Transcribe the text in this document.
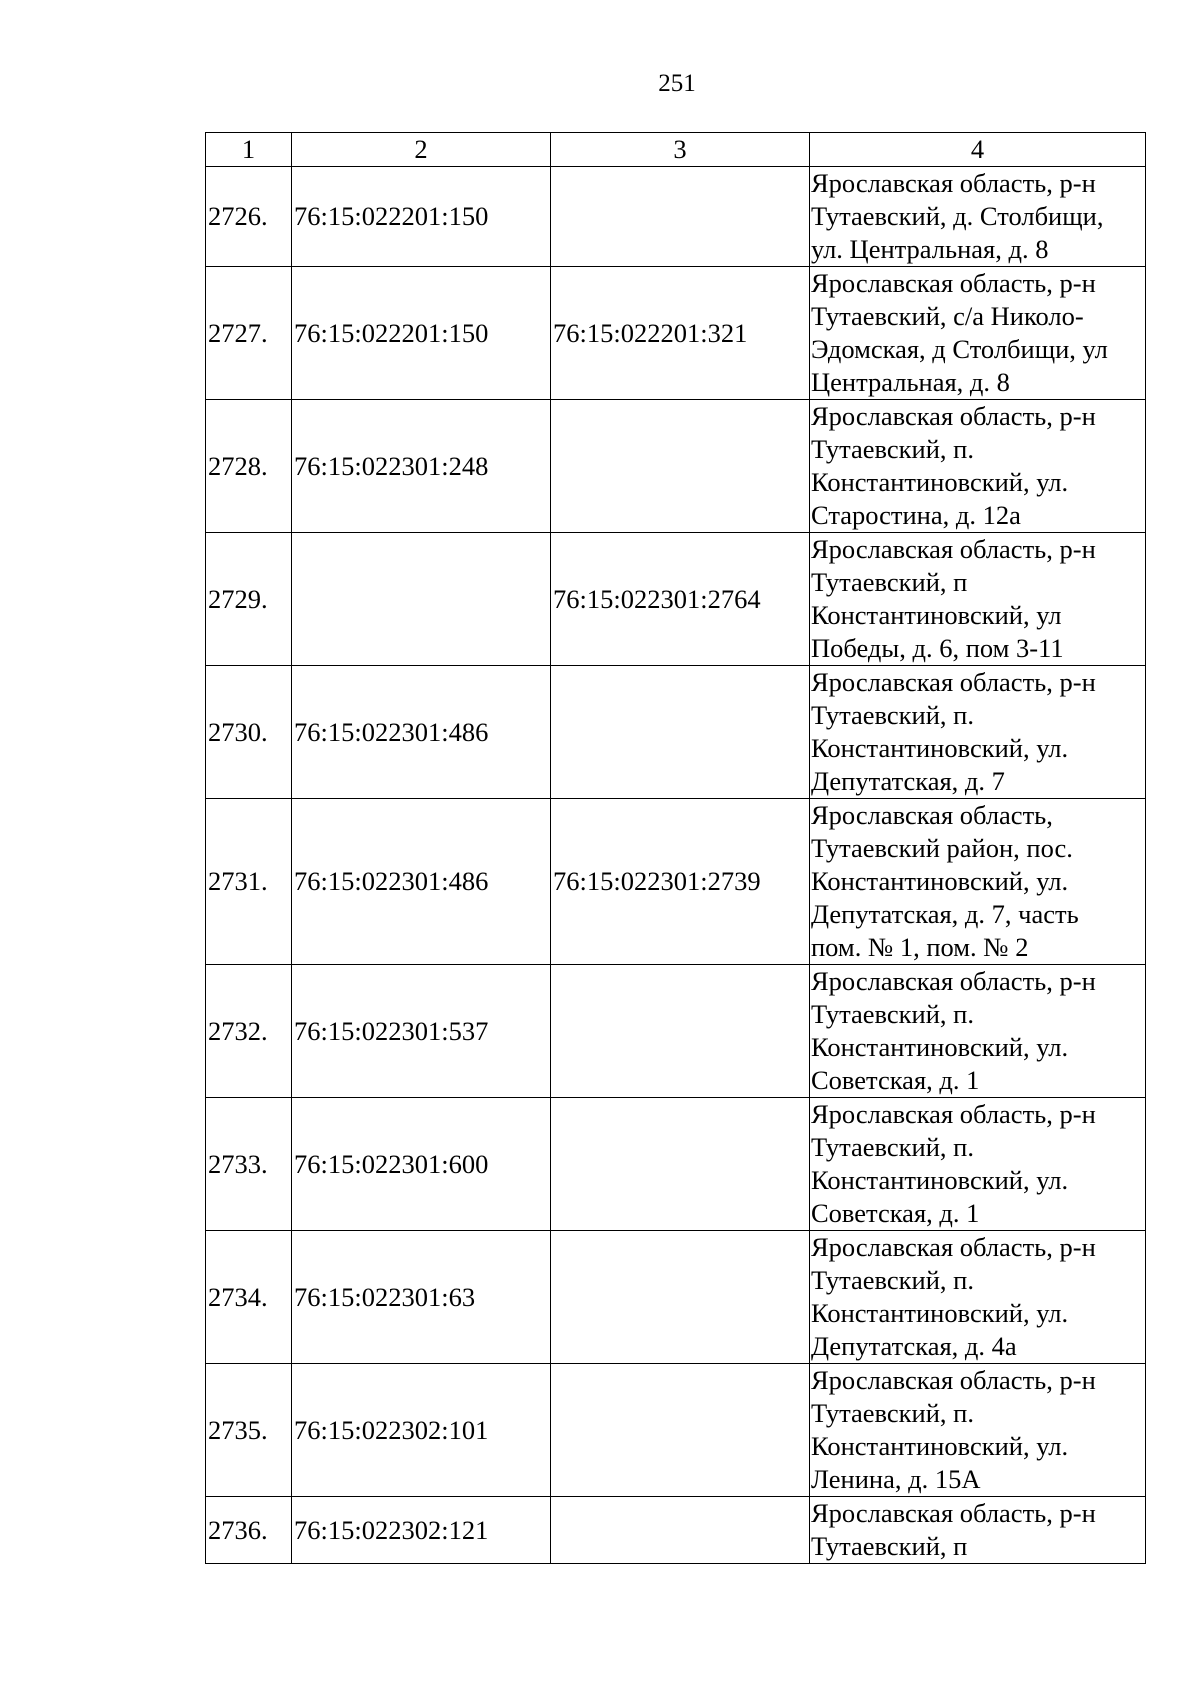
251
1	2	3	4
2726.	76:15:022201:150		Ярославская область, р-н
Тутаевский, д. Столбищи,
ул. Центральная, д. 8
2727.	76:15:022201:150	76:15:022201:321	Ярославская область, р-н
Тутаевский, с/а Николо-
Эдомская, д Столбищи, ул
Центральная, д. 8
2728.	76:15:022301:248		Ярославская область, р-н
Тутаевский, п.
Константиновский, ул.
Старостина, д. 12а
2729.		76:15:022301:2764	Ярославская область, р-н
Тутаевский, п
Константиновский, ул
Победы, д. 6, пом 3-11
2730.	76:15:022301:486		Ярославская область, р-н
Тутаевский, п.
Константиновский, ул.
Депутатская, д. 7
2731.	76:15:022301:486	76:15:022301:2739	Ярославская область,
Тутаевский район, пос.
Константиновский, ул.
Депутатская, д. 7, часть
пом. № 1, пом. № 2
2732.	76:15:022301:537		Ярославская область, р-н
Тутаевский, п.
Константиновский, ул.
Советская, д. 1
2733.	76:15:022301:600		Ярославская область, р-н
Тутаевский, п.
Константиновский, ул.
Советская, д. 1
2734.	76:15:022301:63		Ярославская область, р-н
Тутаевский, п.
Константиновский, ул.
Депутатская, д. 4а
2735.	76:15:022302:101		Ярославская область, р-н
Тутаевский, п.
Константиновский, ул.
Ленина, д. 15А
2736.	76:15:022302:121		Ярославская область, р-н
Тутаевский, п
